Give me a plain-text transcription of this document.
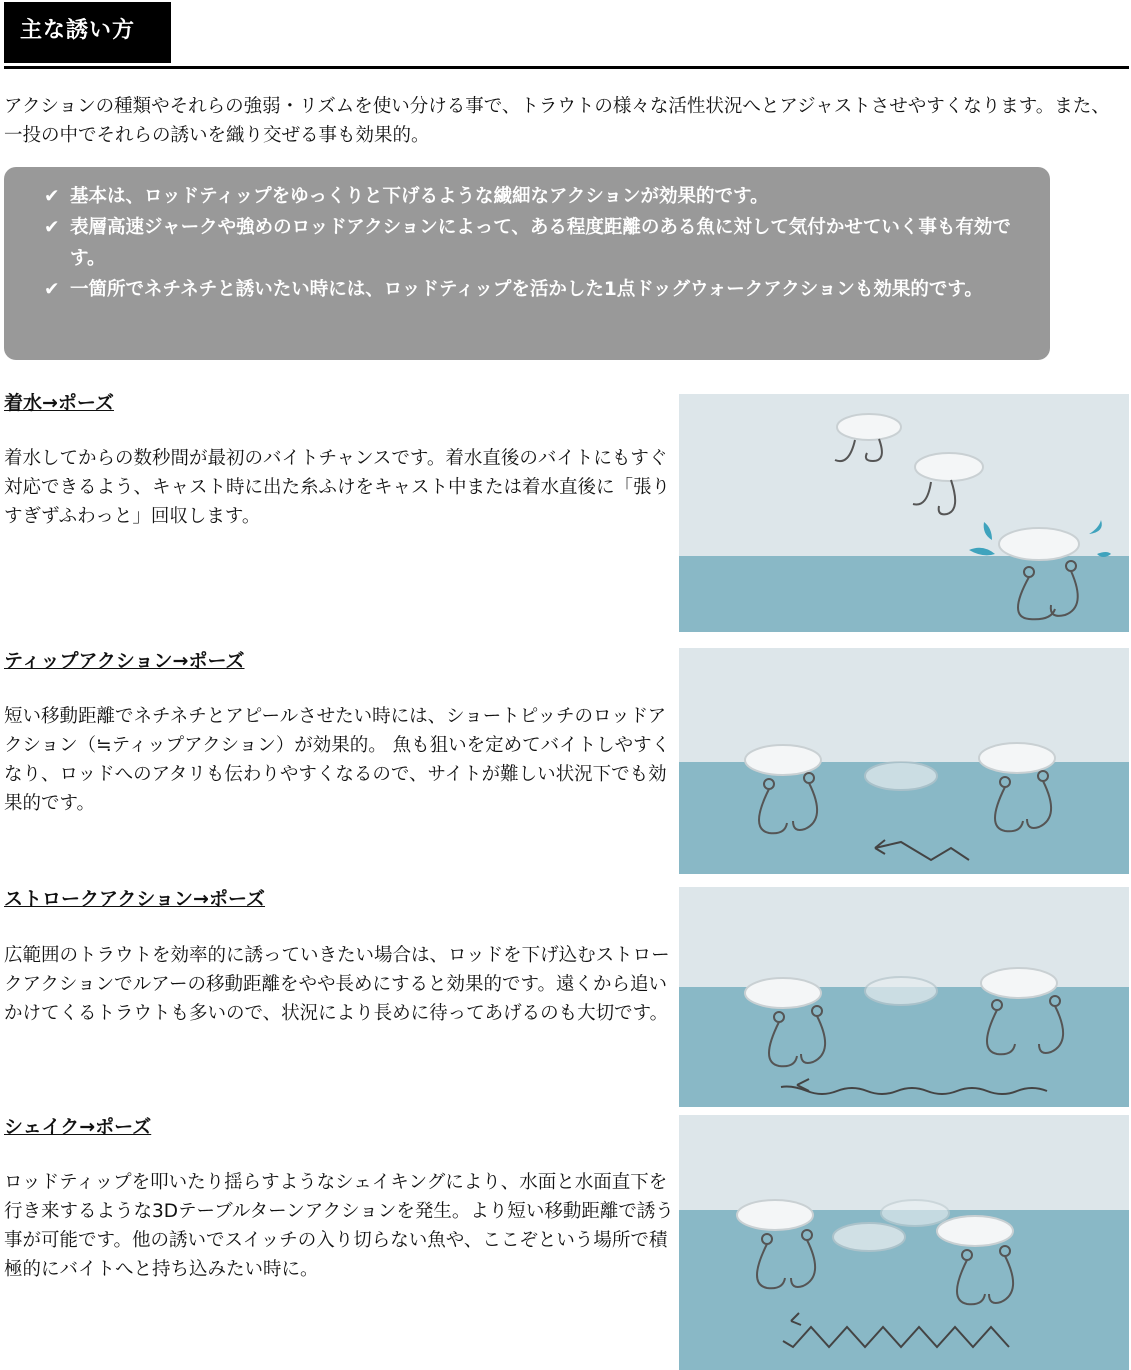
主な誘い方
アクションの種類やそれらの強弱・リズムを使い分ける事で、トラウトの様々な活性状況へとアジャストさせやすくなります。また、一投の中でそれらの誘いを織り交ぜる事も効果的。
✔ 基本は、ロッドティップをゆっくりと下げるような繊細なアクションが効果的です。
✔ 表層高速ジャークや強めのロッドアクションによって、ある程度距離のある魚に対して気付かせていく事も有効です。
✔ 一箇所でネチネチと誘いたい時には、ロッドティップを活かした1点ドッグウォークアクションも効果的です。
着水→ポーズ
着水してからの数秒間が最初のバイトチャンスです。着水直後のバイトにもすぐ対応できるよう、キャスト時に出た糸ふけをキャスト中または着水直後に「張りすぎずふわっと」回収します。
ティップアクション→ポーズ
短い移動距離でネチネチとアピールさせたい時には、ショートピッチのロッドアクション（≒ティップアクション）が効果的。 魚も狙いを定めてバイトしやすくなり、ロッドへのアタリも伝わりやすくなるので、サイトが難しい状況下でも効果的です。
ストロークアクション→ポーズ
広範囲のトラウトを効率的に誘っていきたい場合は、ロッドを下げ込むストロークアクションでルアーの移動距離をやや長めにすると効果的です。遠くから追いかけてくるトラウトも多いので、状況により長めに待ってあげるのも大切です。
シェイク→ポーズ
ロッドティップを叩いたり揺らすようなシェイキングにより、水面と水面直下を行き来するような3Dテーブルターンアクションを発生。より短い移動距離で誘う事が可能です。他の誘いでスイッチの入り切らない魚や、ここぞという場所で積極的にバイトへと持ち込みたい時に。
